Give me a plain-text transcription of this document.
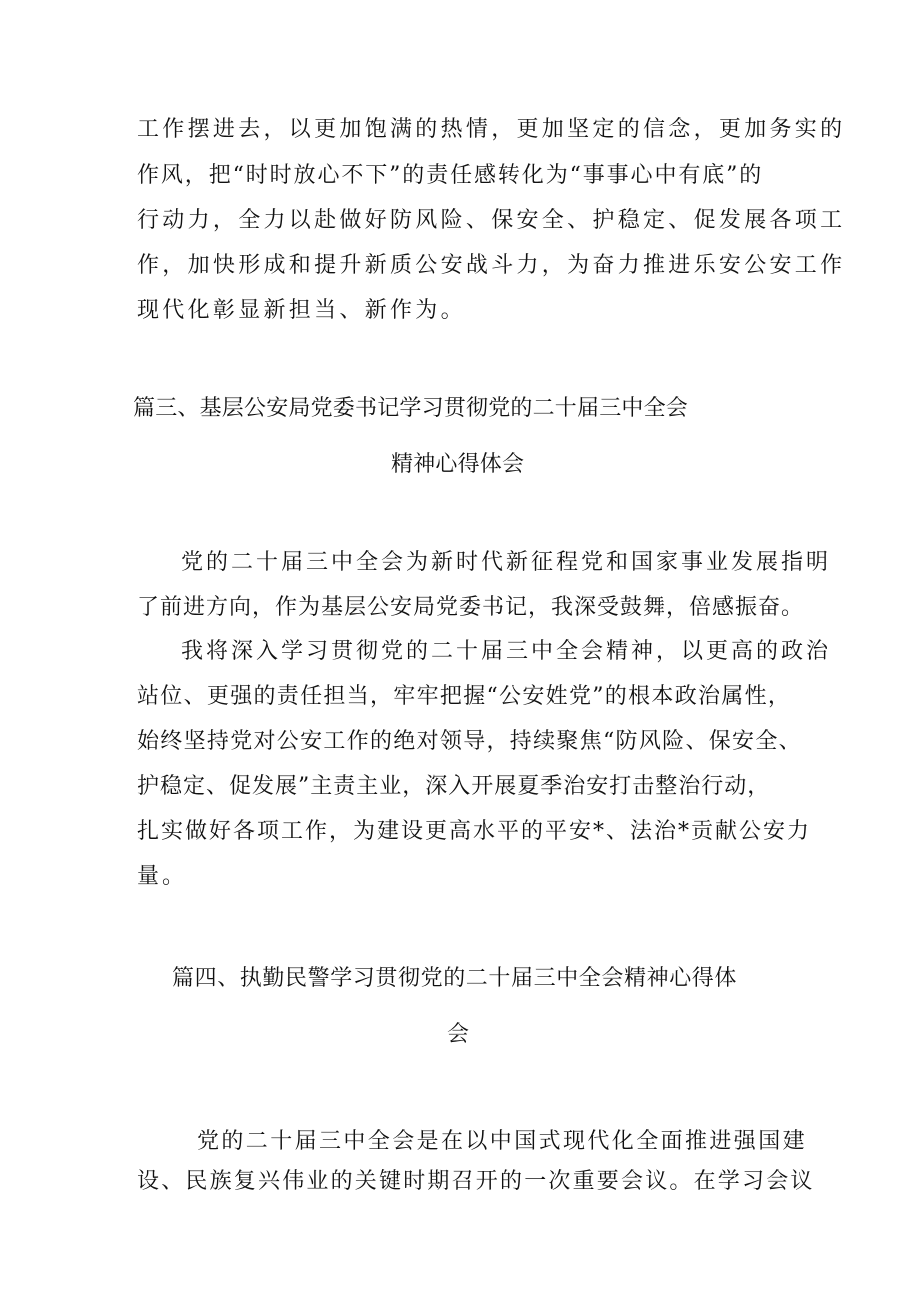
工作摆进去，以更加饱满的热情，更加坚定的信念，更加务实的
作风，把“时时放心不下”的责任感转化为“事事心中有底”的
行动力，全力以赴做好防风险、保安全、护稳定、促发展各项工
作，加快形成和提升新质公安战斗力，为奋力推进乐安公安工作
现代化彰显新担当、新作为。
篇三、基层公安局党委书记学习贯彻党的二十届三中全会
精神心得体会
党的二十届三中全会为新时代新征程党和国家事业发展指明
了前进方向，作为基层公安局党委书记，我深受鼓舞，倍感振奋。
我将深入学习贯彻党的二十届三中全会精神，以更高的政治
站位、更强的责任担当，牢牢把握“公安姓党”的根本政治属性，
始终坚持党对公安工作的绝对领导，持续聚焦“防风险、保安全、
护稳定、促发展”主责主业，深入开展夏季治安打击整治行动，
扎实做好各项工作，为建设更高水平的平安*、法治*贡献公安力
量。
篇四、执勤民警学习贯彻党的二十届三中全会精神心得体
会
党的二十届三中全会是在以中国式现代化全面推进强国建
设、民族复兴伟业的关键时期召开的一次重要会议。在学习会议
